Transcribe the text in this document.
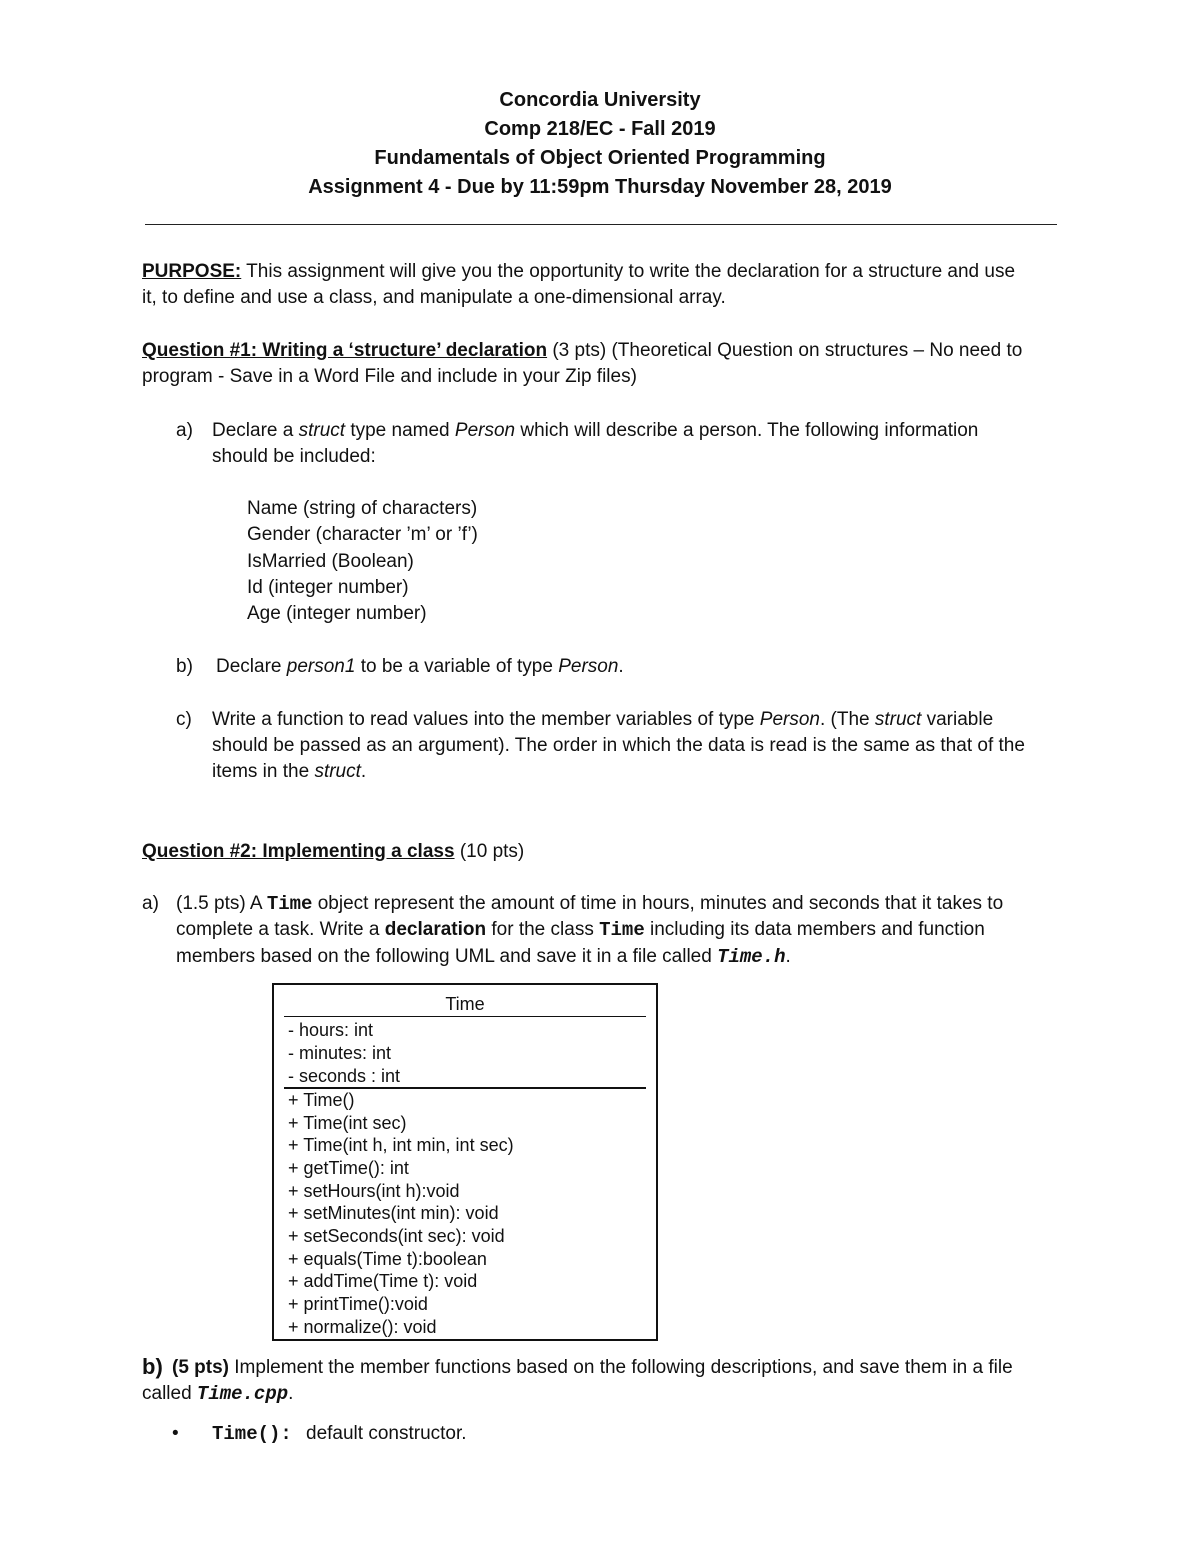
Concordia University
Comp 218/EC - Fall 2019
Fundamentals of Object Oriented Programming
Assignment 4 - Due by 11:59pm Thursday November 28, 2019
PURPOSE: This assignment will give you the opportunity to write the declaration for a structure and use
it, to define and use a class, and manipulate a one-dimensional array.
Question #1: Writing a ‘structure’ declaration (3 pts) (Theoretical Question on structures – No need to
program - Save in a Word File and include in your Zip files)
a) Declare a struct type named Person which will describe a person. The following information
should be included:
Name (string of characters)
Gender (character ’m’ or ’f’)
IsMarried (Boolean)
Id (integer number)
Age (integer number)
b) Declare person1 to be a variable of type Person.
c) Write a function to read values into the member variables of type Person. (The struct variable
should be passed as an argument). The order in which the data is read is the same as that of the
items in the struct.
Question #2: Implementing a class (10 pts)
a) (1.5 pts) A Time object represent the amount of time in hours, minutes and seconds that it takes to
complete a task. Write a declaration for the class Time including its data members and function
members based on the following UML and save it in a file called Time.h.
Time
- hours: int
- minutes: int
- seconds : int
+ Time()
+ Time(int sec)
+ Time(int h, int min, int sec)
+ getTime(): int
+ setHours(int h):void
+ setMinutes(int min): void
+ setSeconds(int sec): void
+ equals(Time t):boolean
+ addTime(Time t): void
+ printTime():void
+ normalize(): void
b) (5 pts) Implement the member functions based on the following descriptions, and save them in a file
called Time.cpp.
• Time(): default constructor.
